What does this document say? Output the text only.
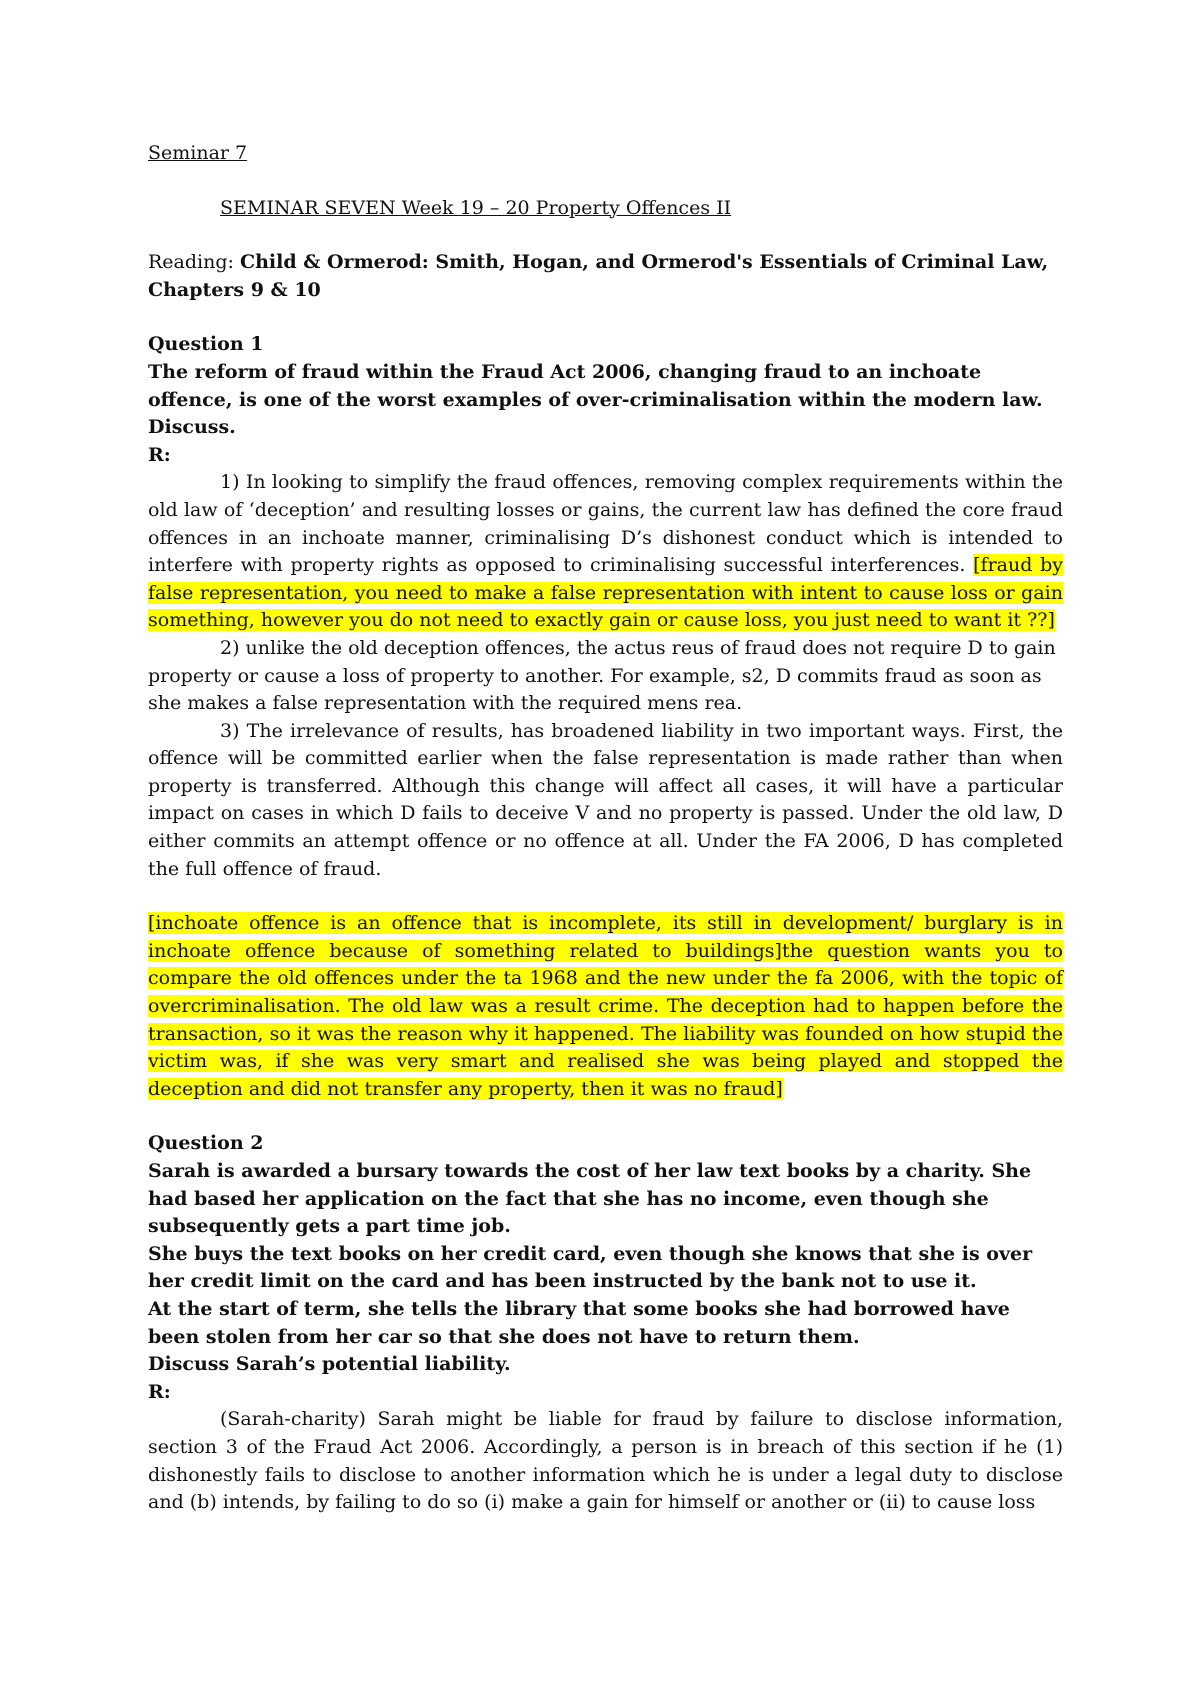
Seminar 7

SEMINAR SEVEN Week 19 – 20 Property Offences II

Reading: Child & Ormerod: Smith, Hogan, and Ormerod's Essentials of Criminal Law, Chapters 9 & 10

Question 1

The reform of fraud within the Fraud Act 2006, changing fraud to an inchoate offence, is one of the worst examples of over-criminalisation within the modern law. Discuss.

R:

1) In looking to simplify the fraud offences, removing complex requirements within the old law of ‘deception’ and resulting losses or gains, the current law has defined the core fraud offences in an inchoate manner, criminalising D’s dishonest conduct which is intended to interfere with property rights as opposed to criminalising successful interferences. [fraud by false representation, you need to make a false representation with intent to cause loss or gain something, however you do not need to exactly gain or cause loss, you just need to want it ??]

2) unlike the old deception offences, the actus reus of fraud does not require D to gain property or cause a loss of property to another. For example, s2, D commits fraud as soon as she makes a false representation with the required mens rea.

3) The irrelevance of results, has broadened liability in two important ways. First, the offence will be committed earlier when the false representation is made rather than when property is transferred. Although this change will affect all cases, it will have a particular impact on cases in which D fails to deceive V and no property is passed. Under the old law, D either commits an attempt offence or no offence at all. Under the FA 2006, D has completed the full offence of fraud.

[inchoate offence is an offence that is incomplete, its still in development/ burglary is in inchoate offence because of something related to buildings]the question wants you to compare the old offences under the ta 1968 and the new under the fa 2006, with the topic of overcriminalisation. The old law was a result crime. The deception had to happen before the transaction, so it was the reason why it happened. The liability was founded on how stupid the victim was, if she was very smart and realised she was being played and stopped the deception and did not transfer any property, then it was no fraud]

Question 2

Sarah is awarded a bursary towards the cost of her law text books by a charity. She had based her application on the fact that she has no income, even though she subsequently gets a part time job.

She buys the text books on her credit card, even though she knows that she is over her credit limit on the card and has been instructed by the bank not to use it.

At the start of term, she tells the library that some books she had borrowed have been stolen from her car so that she does not have to return them.

Discuss Sarah’s potential liability.

R:

(Sarah-charity) Sarah might be liable for fraud by failure to disclose information, section 3 of the Fraud Act 2006. Accordingly, a person is in breach of this section if he (1) dishonestly fails to disclose to another information which he is under a legal duty to disclose and (b) intends, by failing to do so (i) make a gain for himself or another or (ii) to cause loss
